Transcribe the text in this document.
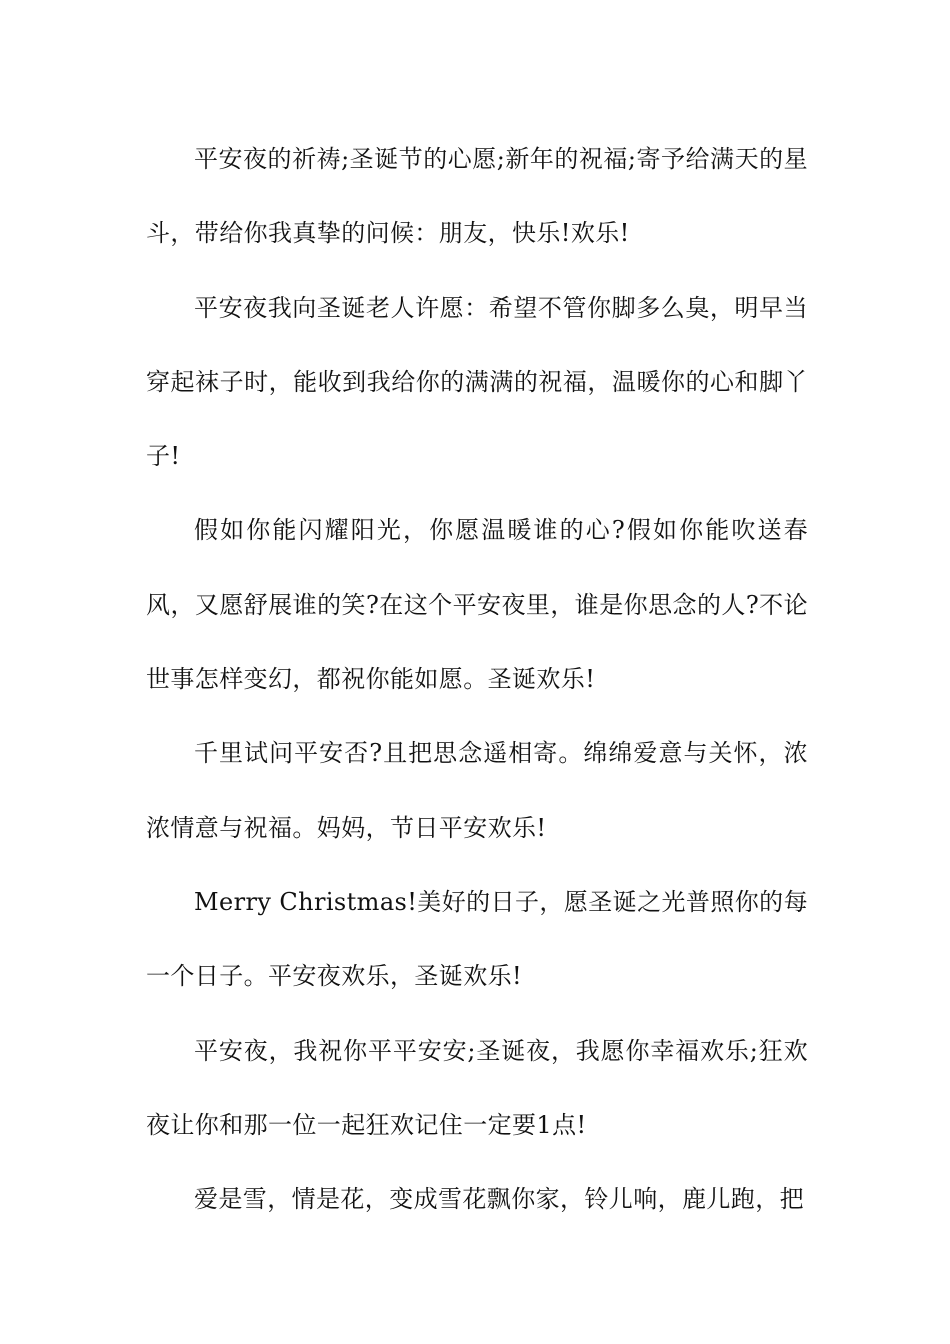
平安夜的祈祷;圣诞节的心愿;新年的祝福;寄予给满天的星斗，带给你我真挚的问候：朋友，快乐!欢乐!

平安夜我向圣诞老人许愿：希望不管你脚多么臭，明早当穿起袜子时，能收到我给你的满满的祝福，温暖你的心和脚丫子!

假如你能闪耀阳光，你愿温暖谁的心?假如你能吹送春风，又愿舒展谁的笑?在这个平安夜里，谁是你思念的人?不论世事怎样变幻，都祝你能如愿。圣诞欢乐!

千里试问平安否?且把思念遥相寄。绵绵爱意与关怀，浓浓情意与祝福。妈妈，节日平安欢乐!

Merry Christmas!美好的日子，愿圣诞之光普照你的每一个日子。平安夜欢乐，圣诞欢乐!

平安夜，我祝你平平安安;圣诞夜，我愿你幸福欢乐;狂欢夜让你和那一位一起狂欢记住一定要1点!

爱是雪，情是花，变成雪花飘你家，铃儿响，鹿儿跑，把
